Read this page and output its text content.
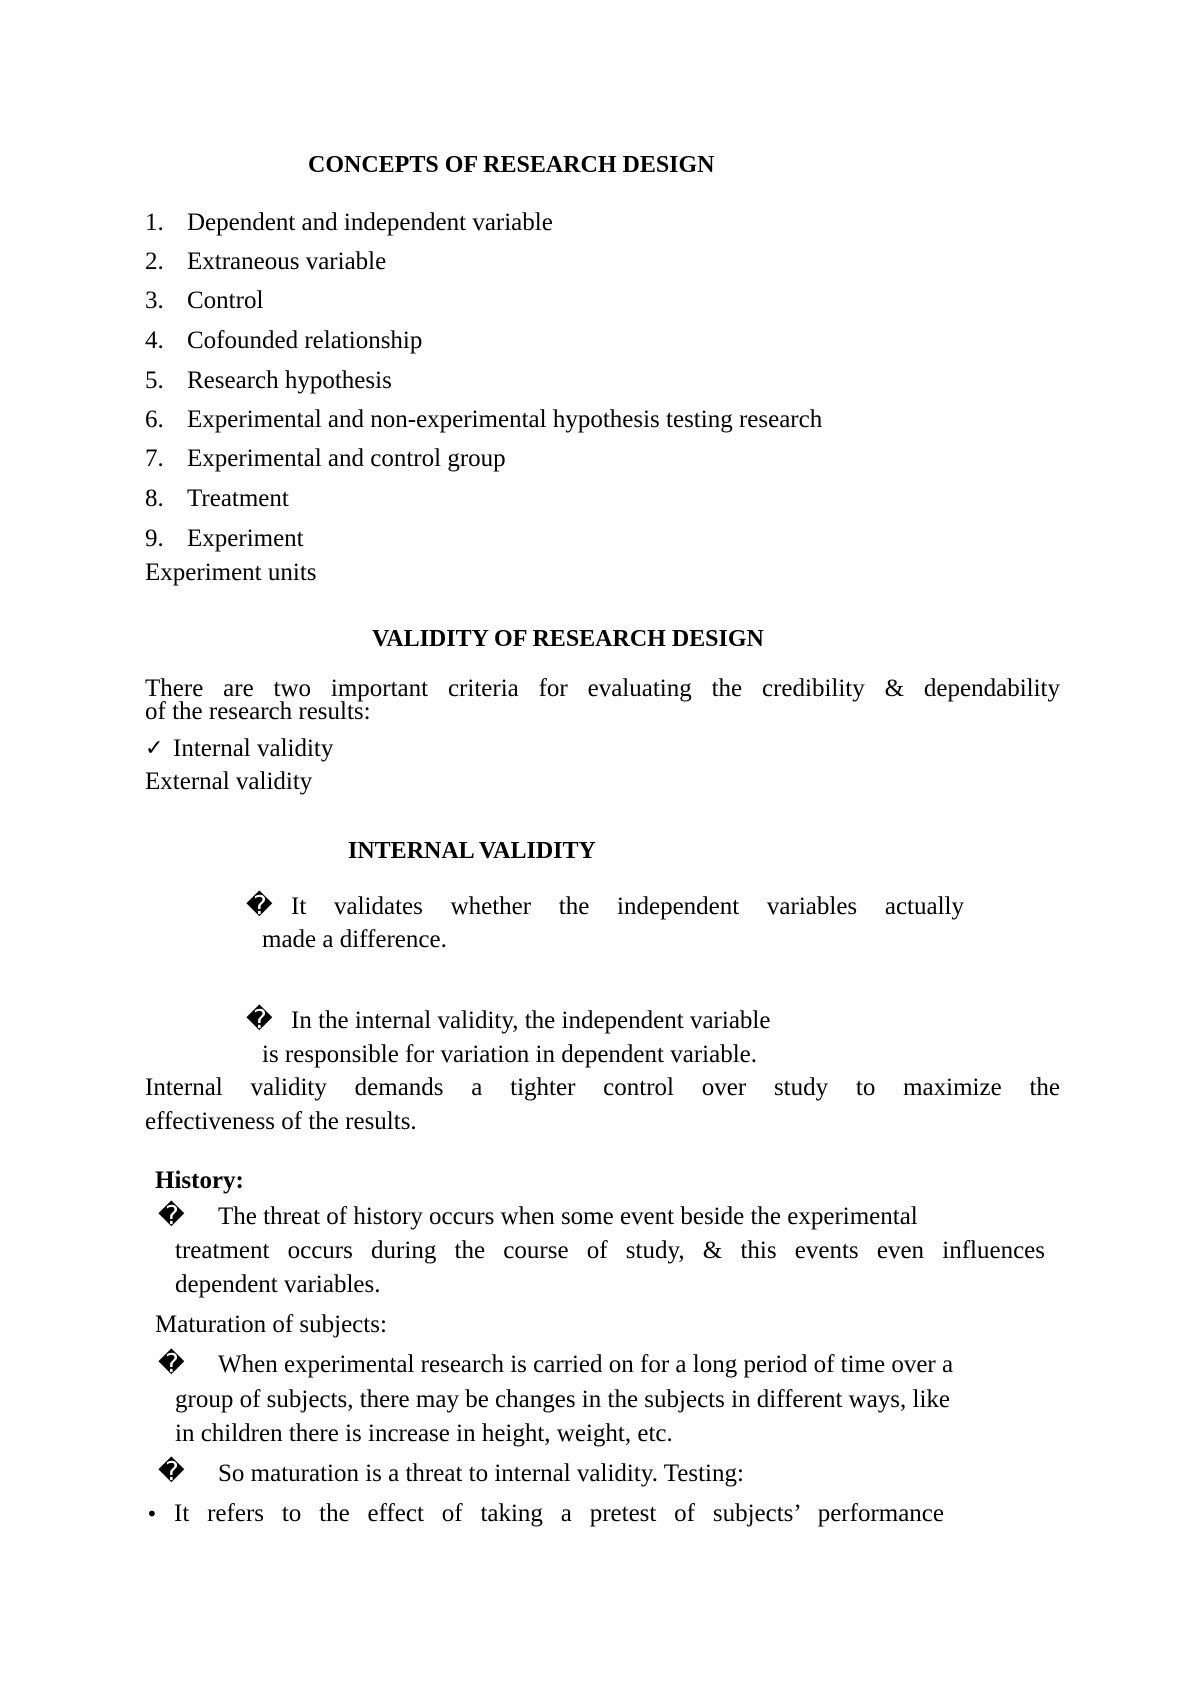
CONCEPTS OF RESEARCH DESIGN
1. Dependent and independent variable
2. Extraneous variable
3. Control
4. Cofounded relationship
5. Research hypothesis
6. Experimental and non-experimental hypothesis testing research
7. Experimental and control group
8. Treatment
9. Experiment
Experiment units
VALIDITY OF RESEARCH DESIGN
There are two important criteria for evaluating the credibility & dependability
of the research results:
✓ Internal validity
External validity
INTERNAL VALIDITY
� It validates whether the independent variables actually
made a difference.
� In the internal validity, the independent variable
is responsible for variation in dependent variable.
Internal validity demands a tighter control over study to maximize the
effectiveness of the results.
History:
� The threat of history occurs when some event beside the experimental
treatment occurs during the course of study, & this events even influences
dependent variables.
Maturation of subjects:
� When experimental research is carried on for a long period of time over a
group of subjects, there may be changes in the subjects in different ways, like
in children there is increase in height, weight, etc.
� So maturation is a threat to internal validity. Testing:
• It refers to the effect of taking a pretest of subjects’ performance
